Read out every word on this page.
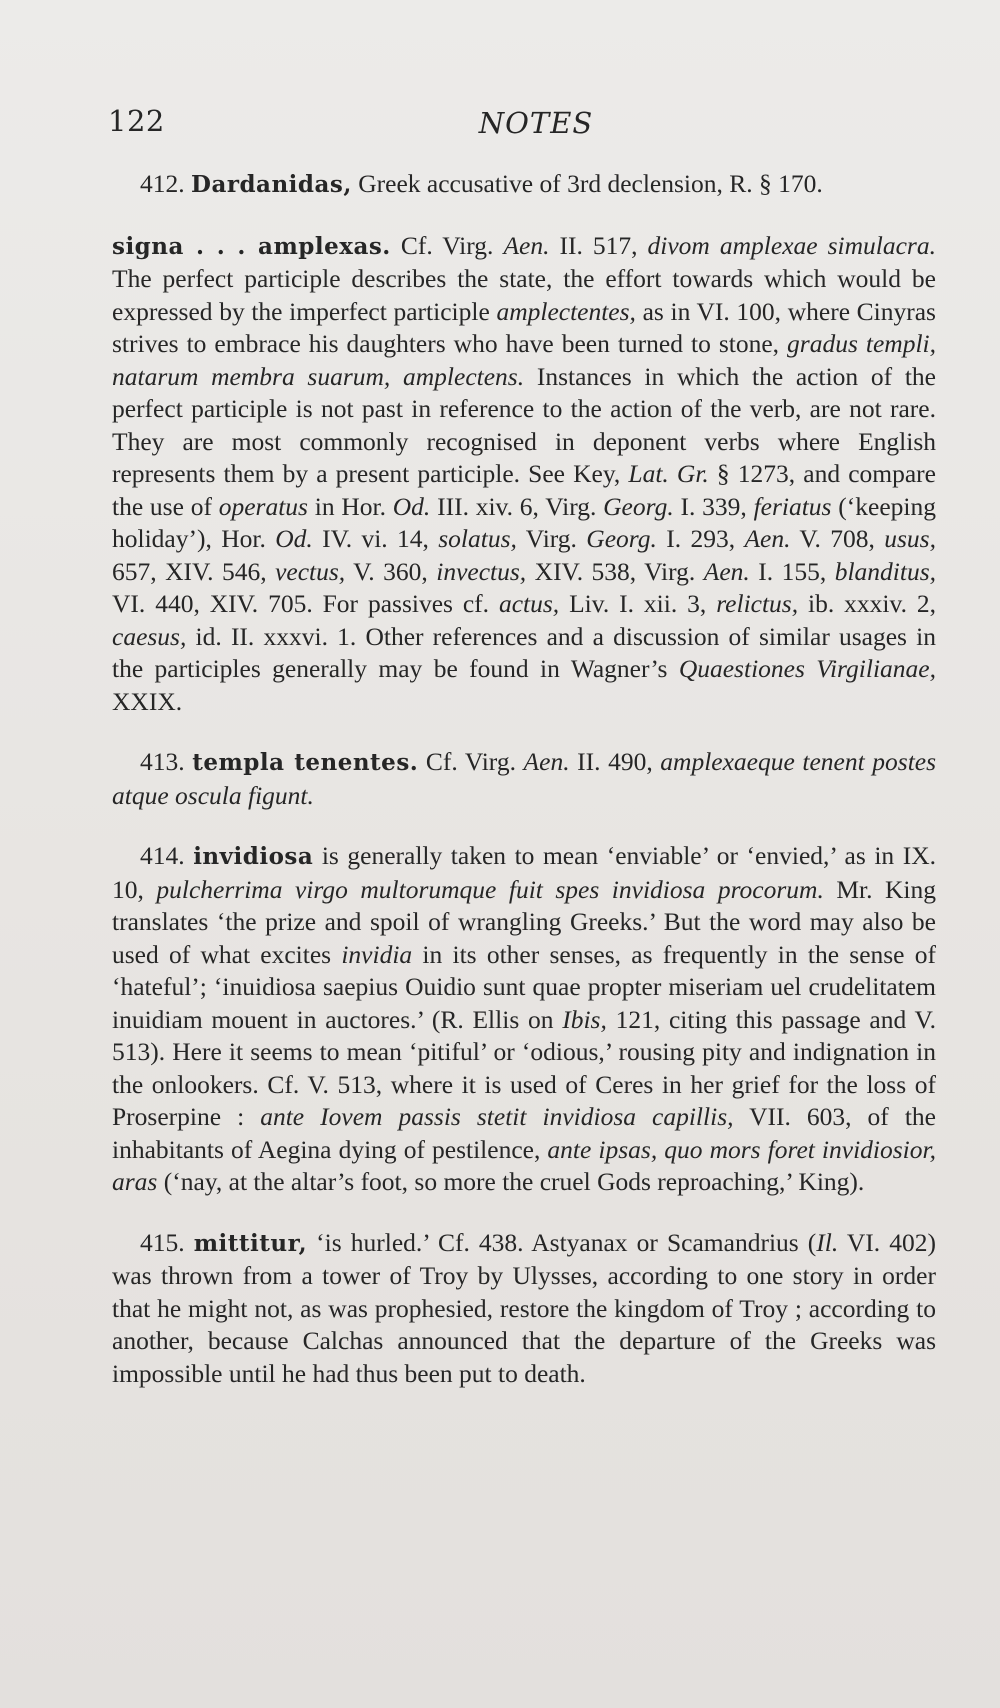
122	NOTES

412. Dardanidas, Greek accusative of 3rd declension, R. § 170.

signa . . . amplexas. Cf. Virg. Aen. II. 517, divom amplexae simulacra. The perfect participle describes the state, the effort towards which would be expressed by the imperfect participle amplectentes, as in VI. 100, where Cinyras strives to embrace his daughters who have been turned to stone, gradus templi, natarum membra suarum, amplectens. Instances in which the action of the perfect participle is not past in reference to the action of the verb, are not rare. They are most commonly recognised in deponent verbs where English represents them by a present participle. See Key, Lat. Gr. § 1273, and compare the use of operatus in Hor. Od. III. xiv. 6, Virg. Georg. I. 339, feriatus (‘keeping holiday’), Hor. Od. IV. vi. 14, solatus, Virg. Georg. I. 293, Aen. V. 708, usus, 657, XIV. 546, vectus, V. 360, invectus, XIV. 538, Virg. Aen. I. 155, blanditus, VI. 440, XIV. 705. For passives cf. actus, Liv. I. xii. 3, relictus, ib. xxxiv. 2, caesus, id. II. xxxvi. 1. Other references and a discussion of similar usages in the participles generally may be found in Wagner’s Quaestiones Virgilianae, XXIX.

413. templa tenentes. Cf. Virg. Aen. II. 490, amplexaeque tenent postes atque oscula figunt.

414. invidiosa is generally taken to mean ‘enviable’ or ‘envied,’ as in IX. 10, pulcherrima virgo multorumque fuit spes invidiosa procorum. Mr. King translates ‘the prize and spoil of wrangling Greeks.’ But the word may also be used of what excites invidia in its other senses, as frequently in the sense of ‘hateful’; ‘inuidiosa saepius Ouidio sunt quae propter miseriam uel crudelitatem inuidiam mouent in auctores.’ (R. Ellis on Ibis, 121, citing this passage and V. 513). Here it seems to mean ‘pitiful’ or ‘odious,’ rousing pity and indignation in the onlookers. Cf. V. 513, where it is used of Ceres in her grief for the loss of Proserpine : ante Iovem passis stetit invidiosa capillis, VII. 603, of the inhabitants of Aegina dying of pestilence, ante ipsas, quo mors foret invidiosior, aras (‘nay, at the altar’s foot, so more the cruel Gods reproaching,’ King).

415. mittitur, ‘is hurled.’ Cf. 438. Astyanax or Scamandrius (Il. VI. 402) was thrown from a tower of Troy by Ulysses, according to one story in order that he might not, as was prophesied, restore the kingdom of Troy ; according to another, because Calchas announced that the departure of the Greeks was impossible until he had thus been put to death.
